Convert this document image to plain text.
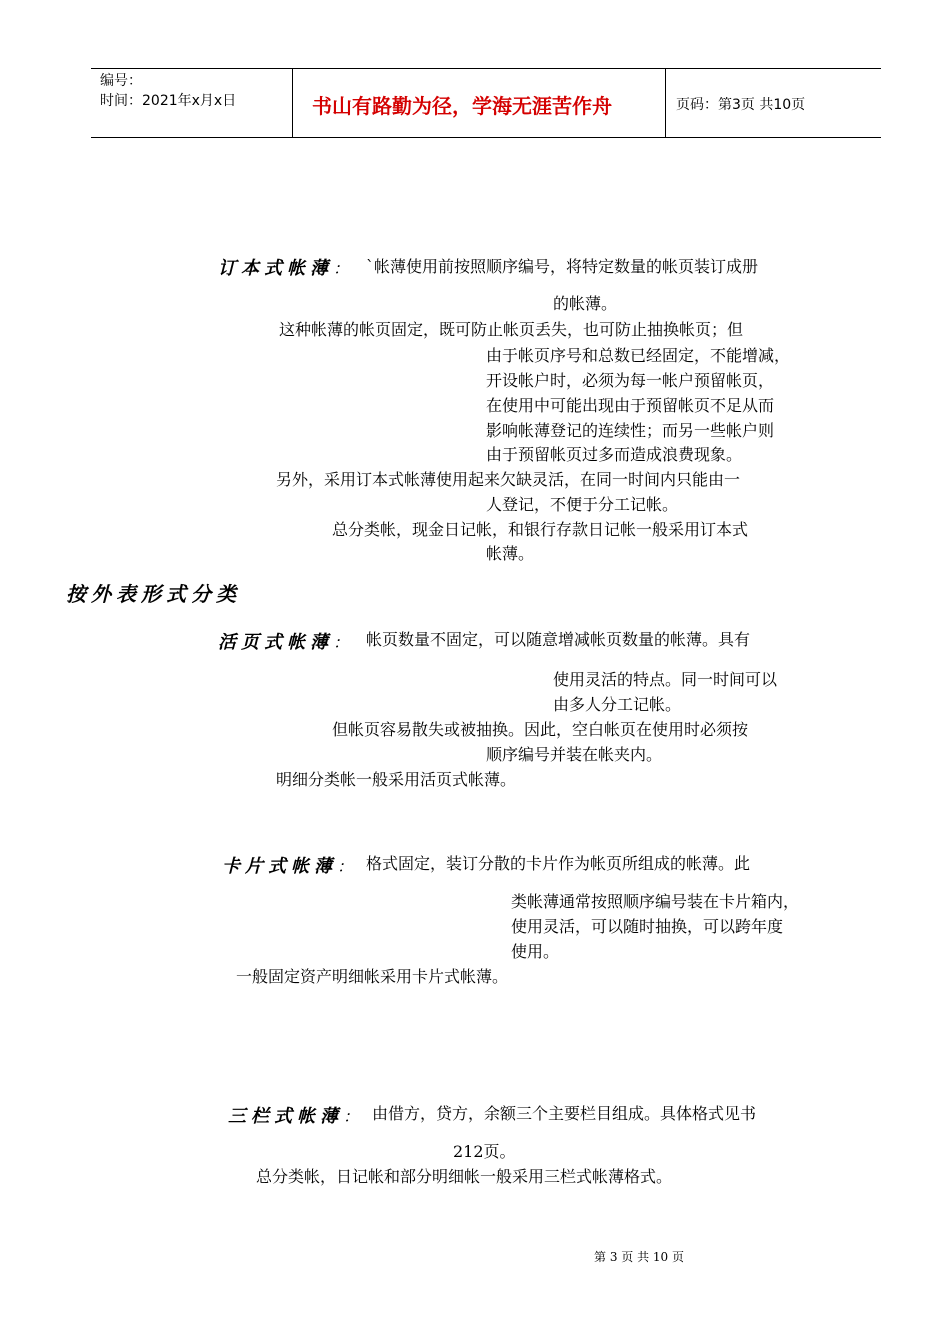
编号：
时间：2021年x月x日	书山有路勤为径，学海无涯苦作舟	页码：第3页 共10页
订本式帐薄： `帐薄使用前按照顺序编号，将特定数量的帐页装订成册
的帐薄。
这种帐薄的帐页固定，既可防止帐页丢失，也可防止抽换帐页；但
由于帐页序号和总数已经固定，不能增减，
开设帐户时，必须为每一帐户预留帐页，
在使用中可能出现由于预留帐页不足从而
影响帐薄登记的连续性；而另一些帐户则
由于预留帐页过多而造成浪费现象。
另外，采用订本式帐薄使用起来欠缺灵活，在同一时间内只能由一
人登记，不便于分工记帐。
总分类帐，现金日记帐，和银行存款日记帐一般采用订本式
帐薄。
按外表形式分类
活页式帐薄： 帐页数量不固定，可以随意增减帐页数量的帐薄。具有
使用灵活的特点。同一时间可以
由多人分工记帐。
但帐页容易散失或被抽换。因此，空白帐页在使用时必须按
顺序编号并装在帐夹内。
明细分类帐一般采用活页式帐薄。
卡片式帐薄： 格式固定，装订分散的卡片作为帐页所组成的帐薄。此
类帐薄通常按照顺序编号装在卡片箱内，
使用灵活，可以随时抽换，可以跨年度
使用。
一般固定资产明细帐采用卡片式帐薄。
三栏式帐薄： 由借方，贷方，余额三个主要栏目组成。具体格式见书
212页。
总分类帐，日记帐和部分明细帐一般采用三栏式帐薄格式。
第 3 页 共 10 页
